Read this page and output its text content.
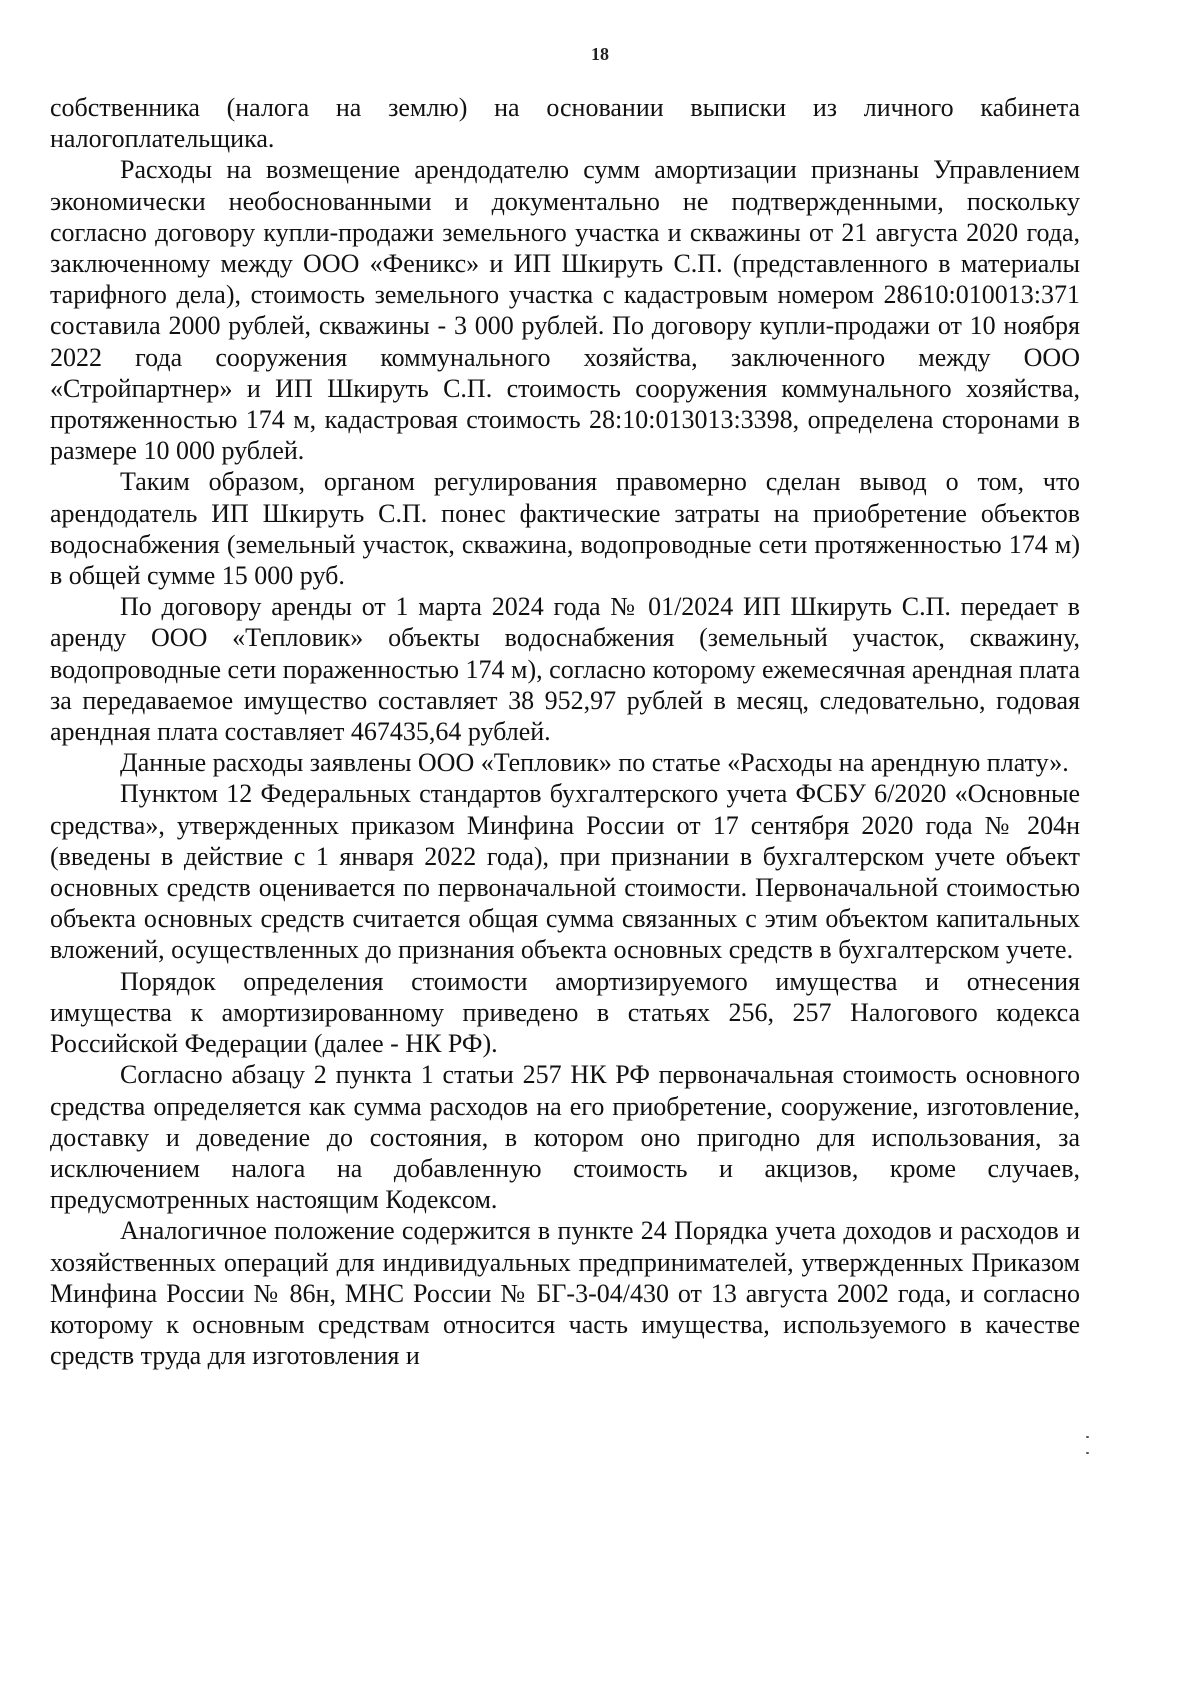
18

собственника (налога на землю) на основании выписки из личного кабинета налогоплательщика.

Расходы на возмещение арендодателю сумм амортизации признаны Управлением экономически необоснованными и документально не подтвержденными, поскольку согласно договору купли-продажи земельного участка и скважины от 21 августа 2020 года, заключенному между ООО «Феникс» и ИП Шкируть С.П. (представленного в материалы тарифного дела), стоимость земельного участка с кадастровым номером 28610:010013:371 составила 2000 рублей, скважины - 3 000 рублей. По договору купли-продажи от 10 ноября 2022 года сооружения коммунального хозяйства, заключенного между ООО «Стройпартнер» и ИП Шкируть С.П. стоимость сооружения коммунального хозяйства, протяженностью 174 м, кадастровая стоимость 28:10:013013:3398, определена сторонами в размере 10 000 рублей.

Таким образом, органом регулирования правомерно сделан вывод о том, что арендодатель ИП Шкируть С.П. понес фактические затраты на приобретение объектов водоснабжения (земельный участок, скважина, водопроводные сети протяженностью 174 м) в общей сумме 15 000 руб.

По договору аренды от 1 марта 2024 года № 01/2024 ИП Шкируть С.П. передает в аренду ООО «Тепловик» объекты водоснабжения (земельный участок, скважину, водопроводные сети пораженностью 174 м), согласно которому ежемесячная арендная плата за передаваемое имущество составляет 38 952,97 рублей в месяц, следовательно, годовая арендная плата составляет 467435,64 рублей.

Данные расходы заявлены ООО «Тепловик» по статье «Расходы на арендную плату».

Пунктом 12 Федеральных стандартов бухгалтерского учета ФСБУ 6/2020 «Основные средства», утвержденных приказом Минфина России от 17 сентября 2020 года № 204н (введены в действие с 1 января 2022 года), при признании в бухгалтерском учете объект основных средств оценивается по первоначальной стоимости. Первоначальной стоимостью объекта основных средств считается общая сумма связанных с этим объектом капитальных вложений, осуществленных до признания объекта основных средств в бухгалтерском учете.

Порядок определения стоимости амортизируемого имущества и отнесения имущества к амортизированному приведено в статьях 256, 257 Налогового кодекса Российской Федерации (далее - НК РФ).

Согласно абзацу 2 пункта 1 статьи 257 НК РФ первоначальная стоимость основного средства определяется как сумма расходов на его приобретение, сооружение, изготовление, доставку и доведение до состояния, в котором оно пригодно для использования, за исключением налога на добавленную стоимость и акцизов, кроме случаев, предусмотренных настоящим Кодексом.

Аналогичное положение содержится в пункте 24 Порядка учета доходов и расходов и хозяйственных операций для индивидуальных предпринимателей, утвержденных Приказом Минфина России № 86н, МНС России № БГ-3-04/430 от 13 августа 2002 года, и согласно которому к основным средствам относится часть имущества, используемого в качестве средств труда для изготовления и
